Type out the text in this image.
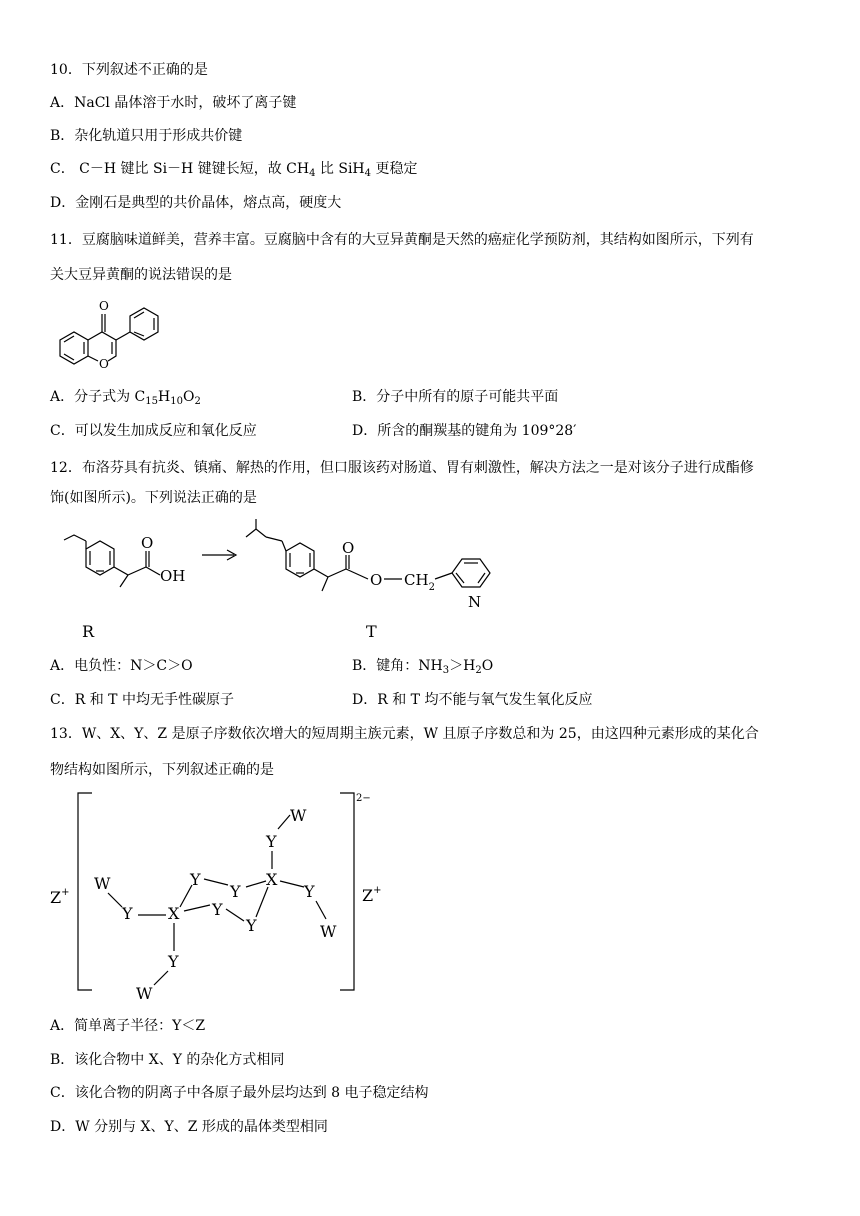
10．下列叙述不正确的是
A．NaCl 晶体溶于水时，破坏了离子键
B．杂化轨道只用于形成共价键
C． C－H 键比 Si－H 键键长短，故 $CH_4$ 比 SiH$_4$ 更稳定
D．金刚石是典型的共价晶体，熔点高，硬度大
11．豆腐脑味道鲜美，营养丰富。豆腐脑中含有的大豆异黄酮是天然的癌症化学预防剂，其结构如图所示，下列有
关大豆异黄酮的说法错误的是
O
O
A．分子式为 $C_{15}H_{10}O_2$	B．分子中所有的原子可能共平面
C．可以发生加成反应和氧化反应	D．所含的酮羰基的键角为 109°28′
12．布洛芬具有抗炎、镇痛、解热的作用，但口服该药对肠道、胃有刺激性，解决方法之一是对该分子进行成酯修
饰(如图所示)。下列说法正确的是
O
OH
O
O $CH_2$
N
R	T
A．电负性：N＞C＞O	B．键角：$NH_3>H_2O$
C．R 和 T 中均无手性碳原子	D．R 和 T 均不能与氧气发生氧化反应
13．W、X、Y、Z 是原子序数依次增大的短周期主族元素，W 且原子序数总和为 25，由这四种元素形成的某化合
物结构如图所示，下列叙述正确的是
Z+
2−
Z+
W
Y
X
Y
W
W
Y X
Y
Y
Y
Y
Y
W
A．简单离子半径：Y＜Z
B．该化合物中 X、Y 的杂化方式相同
C．该化合物的阴离子中各原子最外层均达到 8 电子稳定结构
D．W 分别与 X、Y、Z 形成的晶体类型相同
